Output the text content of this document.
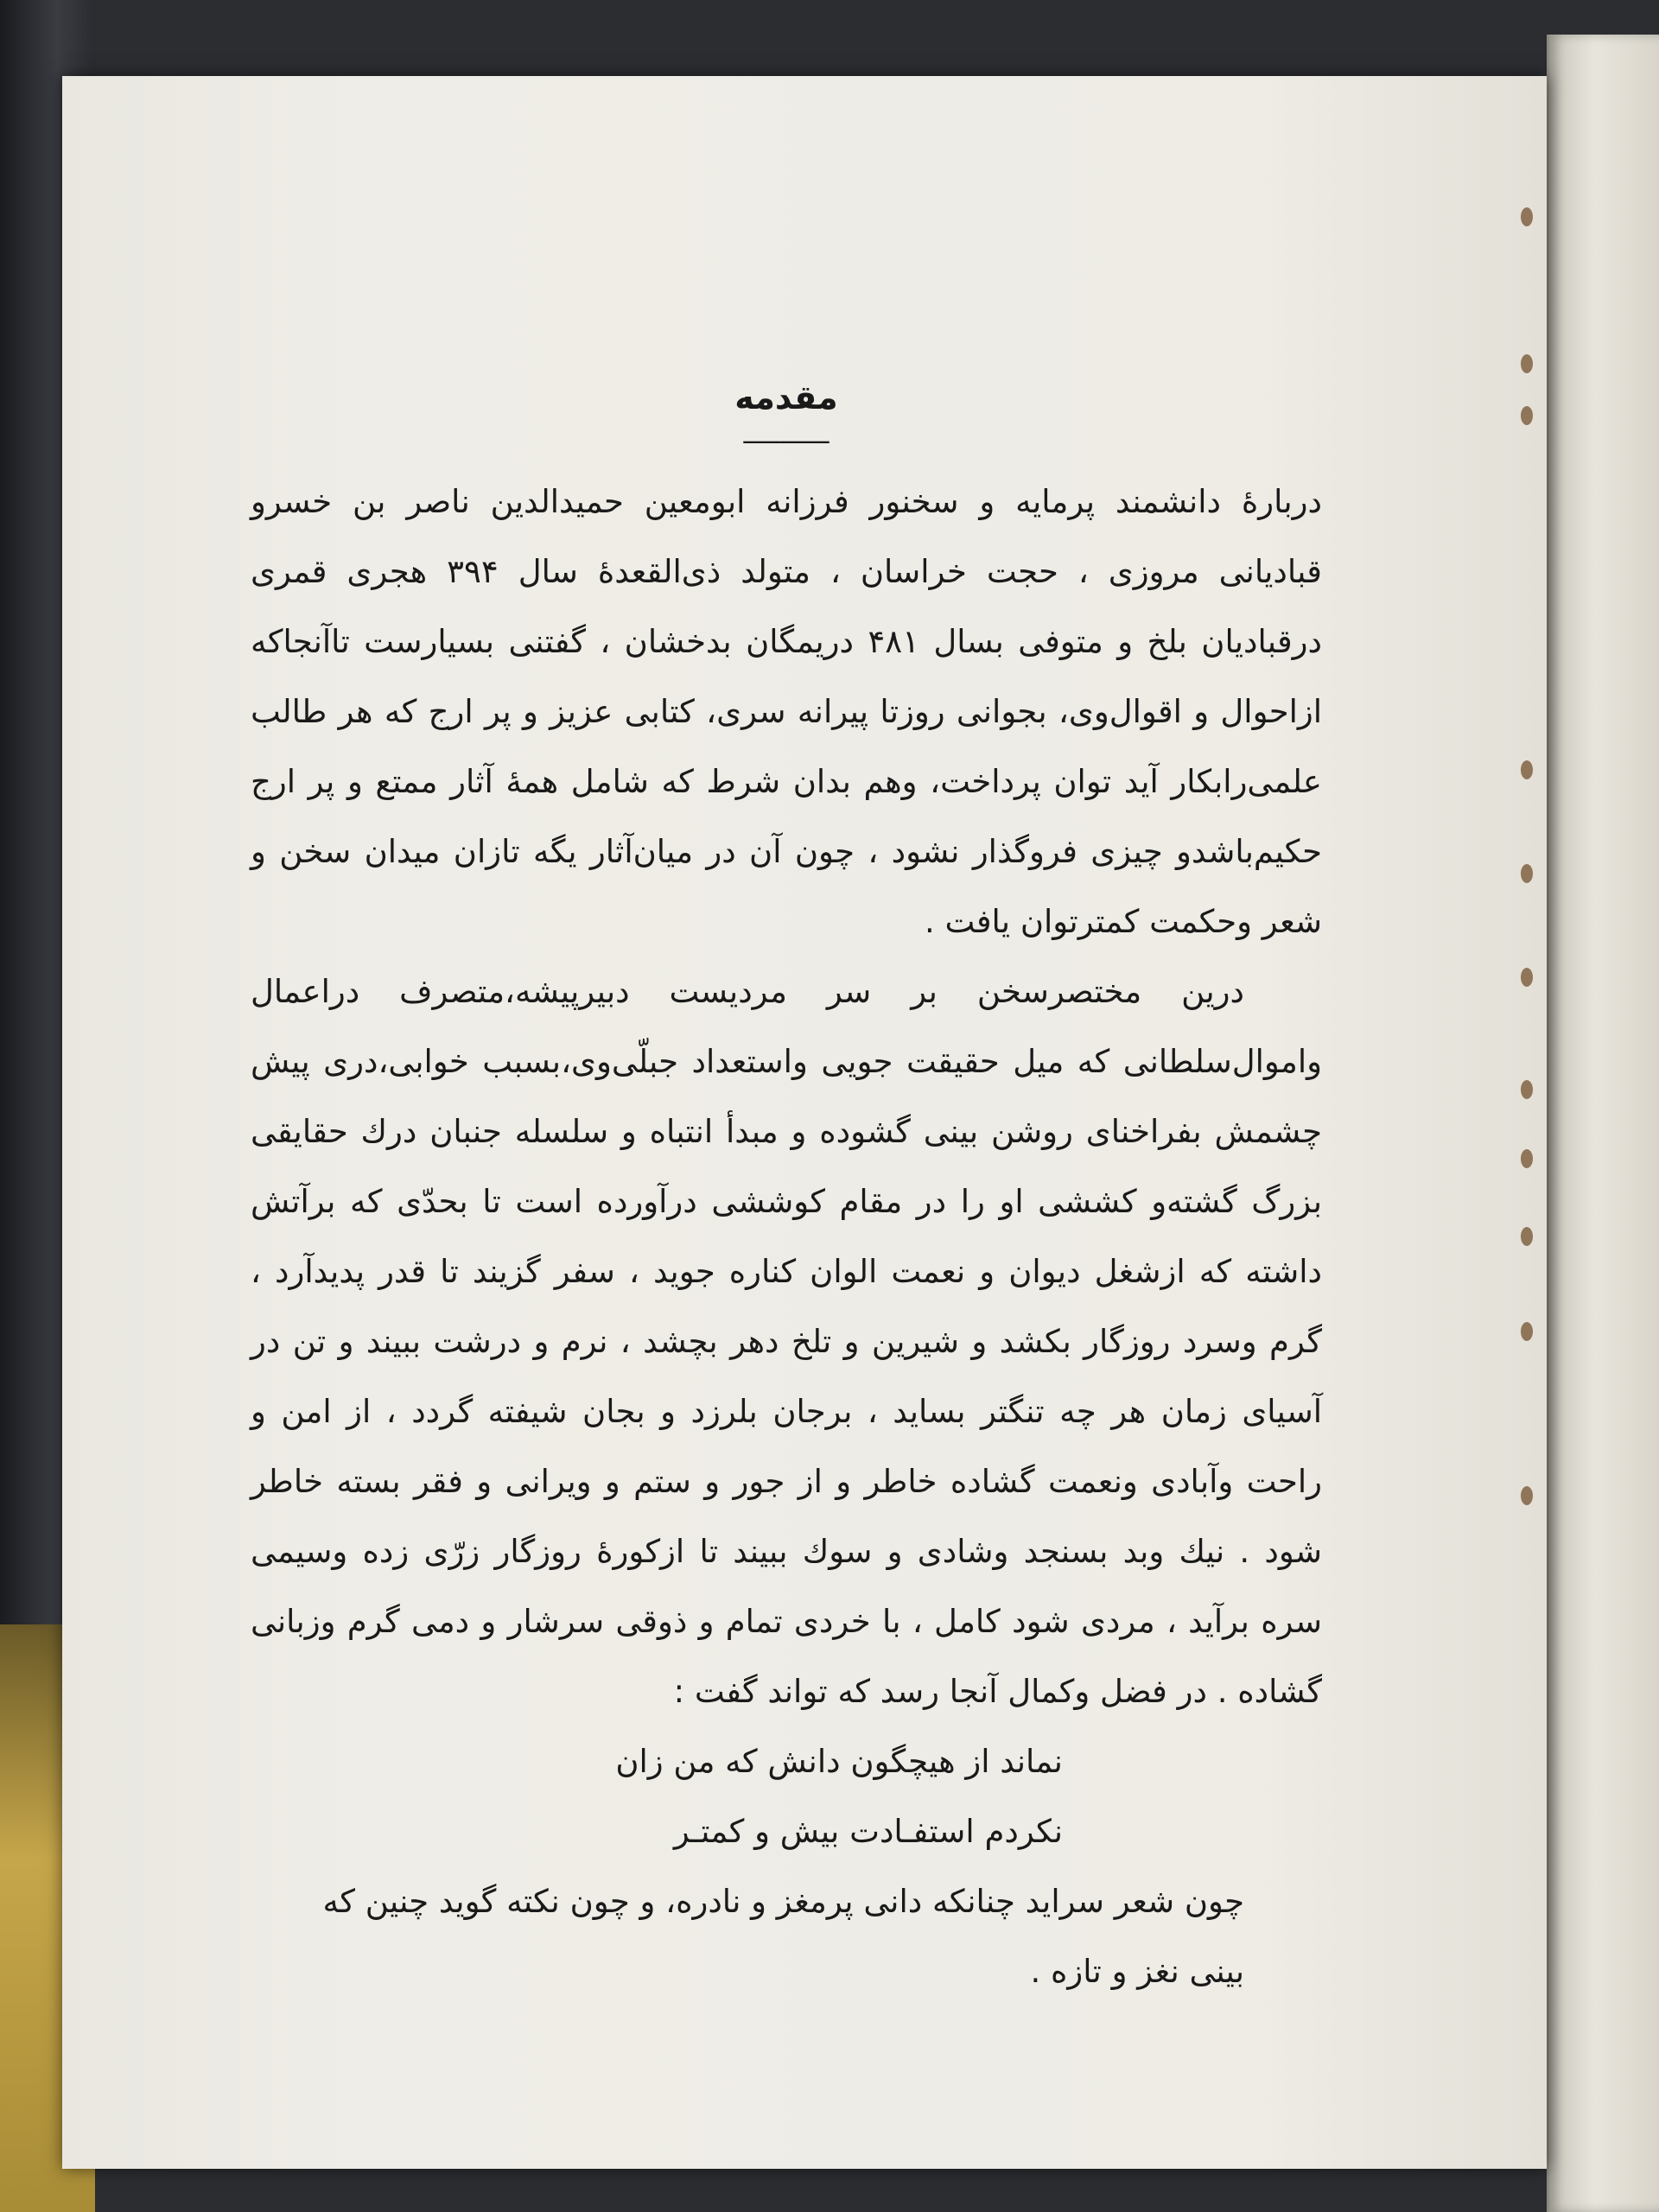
مقدمه
ـــــــــــــ

دربارهٔ دانشمند پرمایه و سخنور فرزانه ابومعین حمیدالدین ناصر بن خسرو قبادیانی مروزی ، حجت خراسان ، متولد ذی‌القعدهٔ سال ۳۹۴ هجری قمری درقبادیان بلخ و متوفی بسال ۴۸۱ دریمگان بدخشان ، گفتنی بسیارست تاآنجاکه ازاحوال و اقوال‌وی، بجوانی روزتا پیرانه سری، کتابی عزیز و پر ارج که هر طالب علمی‌رابکار آید توان پرداخت، وهم بدان شرط که شامل همهٔ آثار ممتع و پر ارج حکیم‌باشدو چیزی فروگذار نشود ، چون آن در میان‌آثار یگه تازان میدان سخن و شعر وحکمت کمترتوان یافت .

درین مختصرسخن بر سر مردیست دبیرپیشه‌،متصرف‌ در‌اعمال واموال‌سلطانی که میل حقیقت جویی واستعداد جبلّی‌وی،بسبب خوابی،دری پیش چشمش بفراخنای روشن بینی گشوده و مبدأ انتباه و سلسله جنبان درك حقایقی بزرگ گشته‌و کششی او را در مقام کوششی درآورده است تا بحدّی که برآتش داشته که ازشغل دیوان و نعمت الوان کناره جوید ، سفر گزیند تا قدر پدیدآرد ، گرم وسرد روزگار بکشد و شیرین و تلخ دهر بچشد ، نرم و درشت ببیند و تن در آسیای زمان هر چه تنگتر بساید ، برجان بلرزد و بجان شیفته گردد ، از امن و راحت وآبادی ونعمت گشاده خاطر و از جور و ستم و ویرانی و فقر بسته خاطر شود . نیك وبد بسنجد وشادی و سوك ببیند تا ازکورهٔ روزگار زرّی زده وسیمی سره برآید ، مردی شود کامل ، با خردی تمام و ذوقی سرشار و دمی گرم وزبانی گشاده . در فضل وکمال آنجا رسد که تواند گفت :

نماند از هیچگون دانش که من زان

نکردم استفـادت بیش و کمتـر

چون شعر سراید چنانکه دانی پرمغز و نادره، و چون نکته گوید چنین که

بینی نغز و تازه .
